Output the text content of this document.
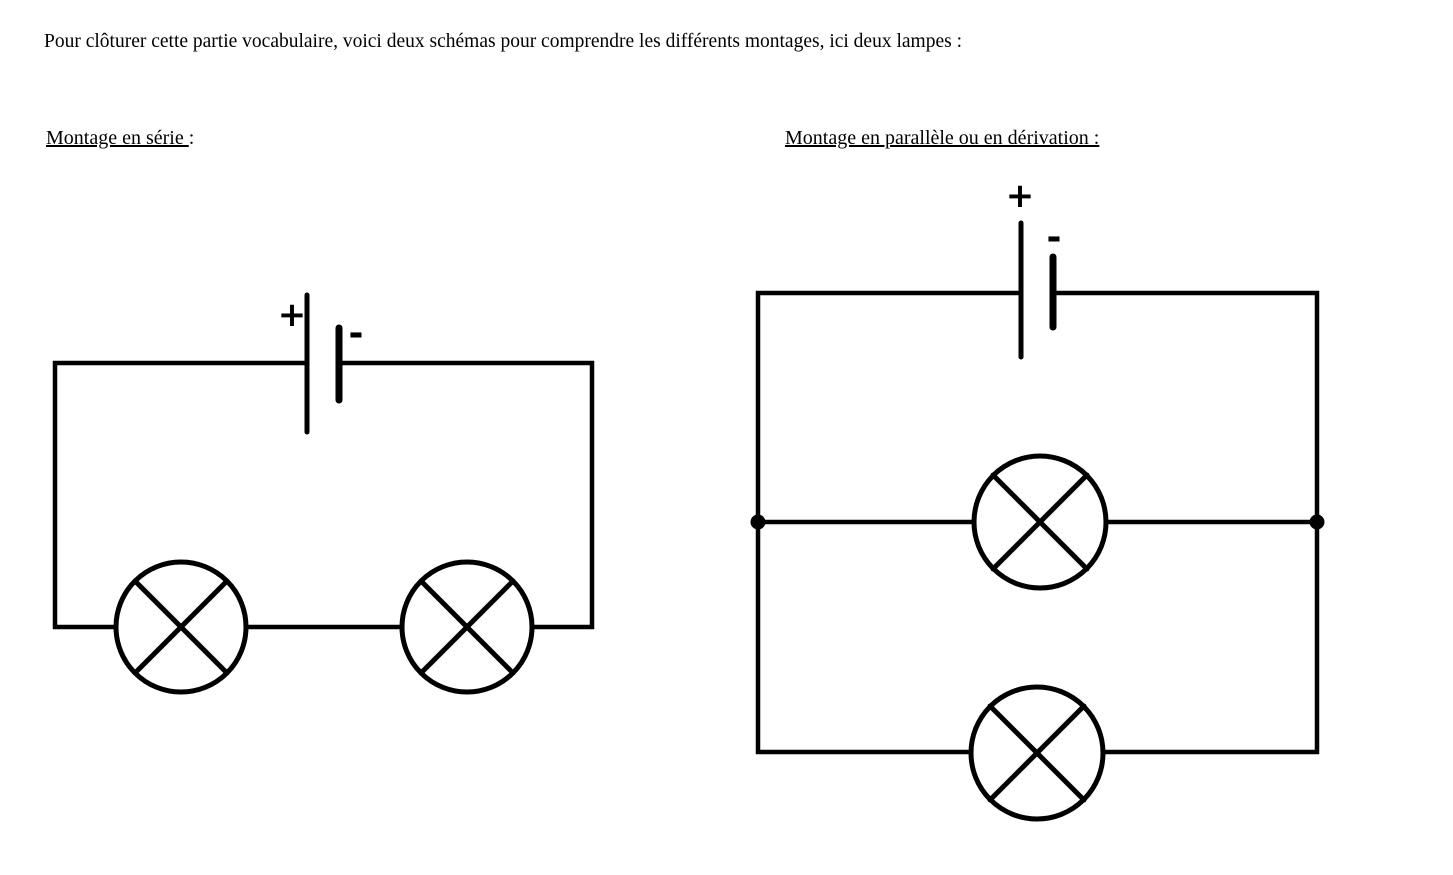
Pour clôturer cette partie vocabulaire, voici deux schémas pour comprendre les différents montages, ici deux lampes :

Montage en série :	Montage en parallèle ou en dérivation :
+ -
+
-
